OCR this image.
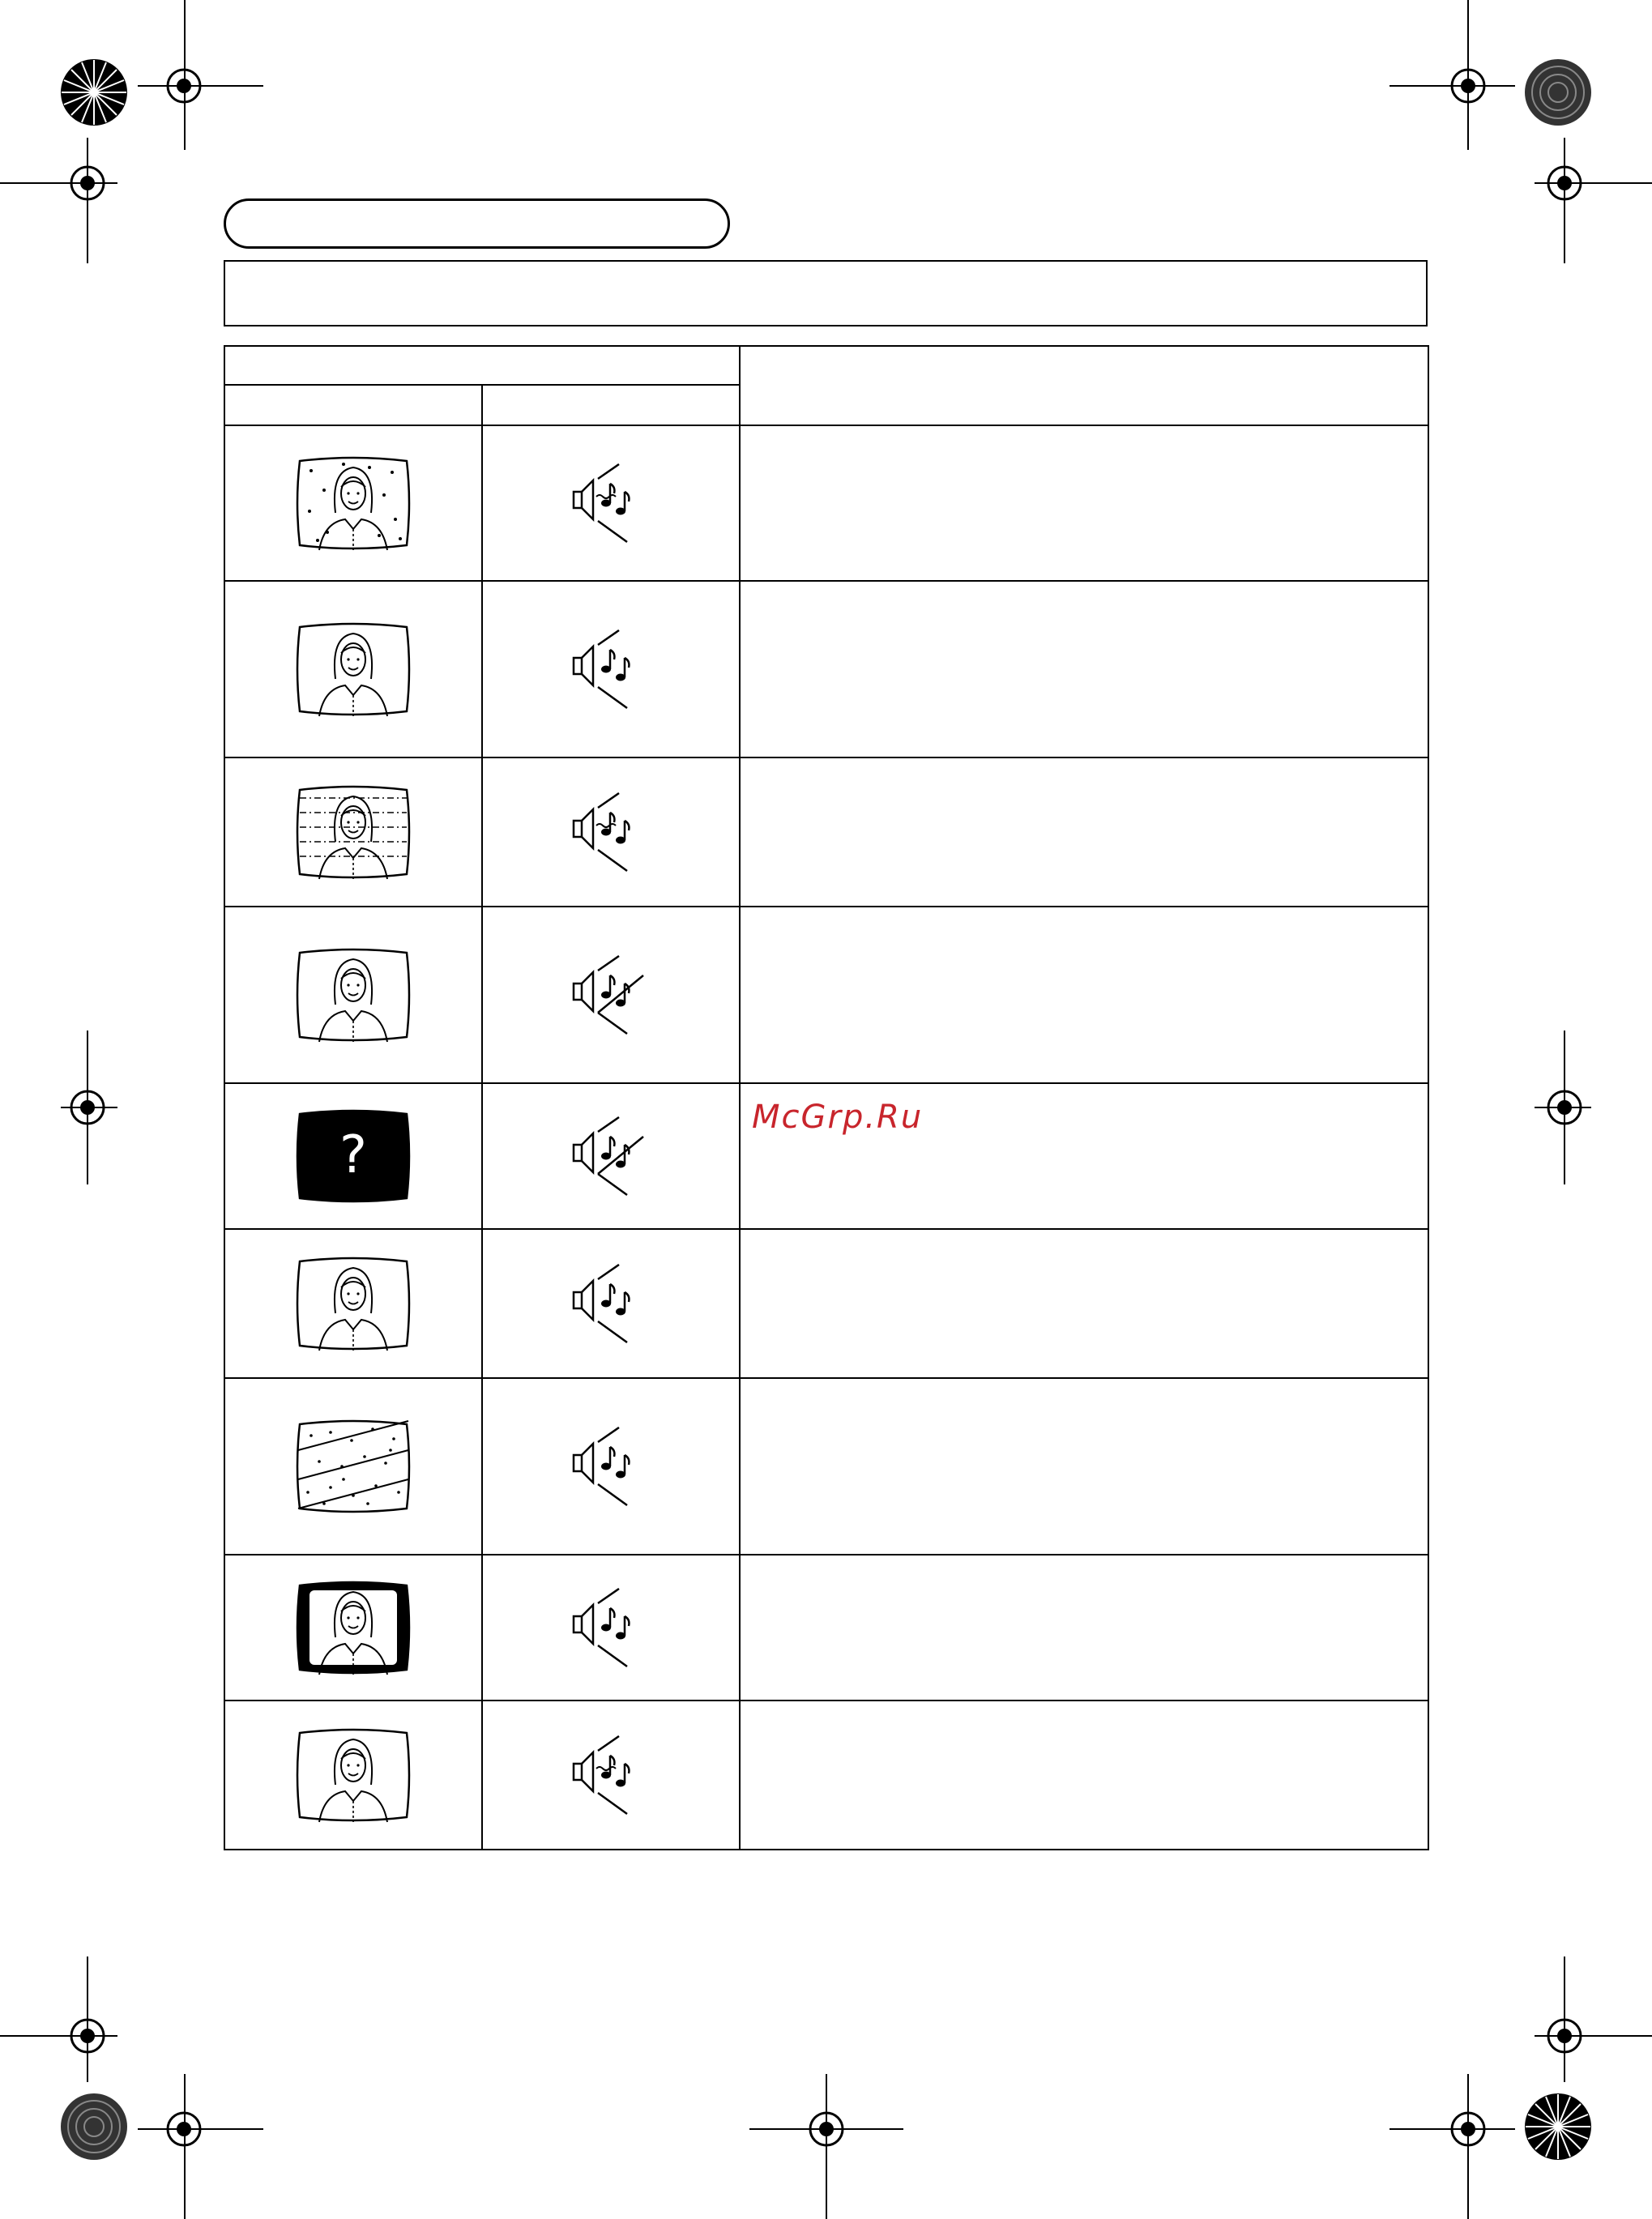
?		McGrp.Ru
